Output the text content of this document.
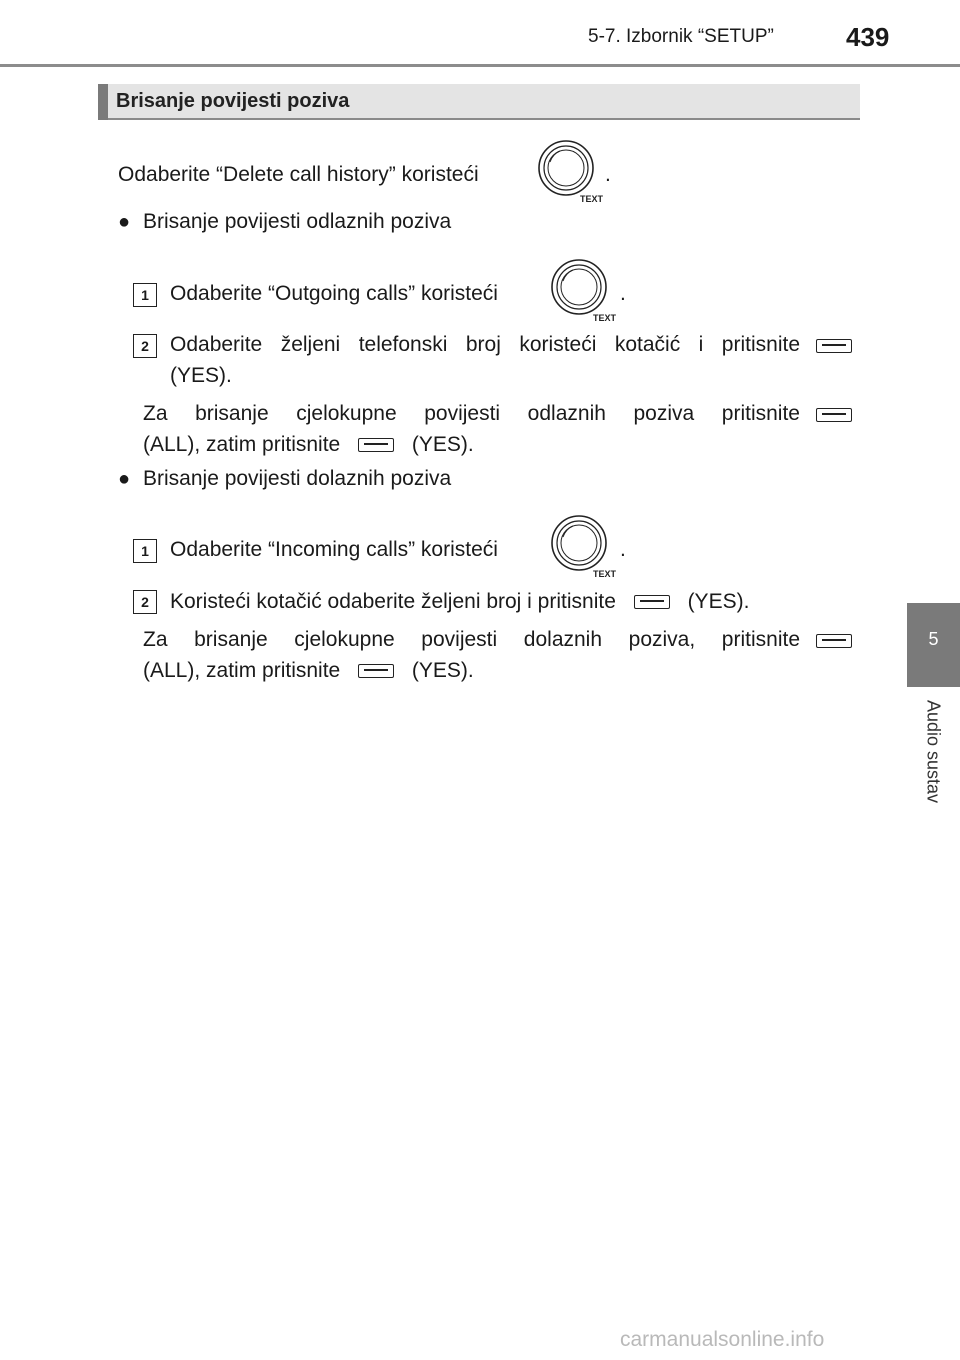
5-7. Izbornik “SETUP”	439
5
Audio sustav
Brisanje povijesti poziva
Odaberite “Delete call history” koristeći
TEXT
.
● Brisanje povijesti odlaznih poziva
1	Odaberite “Outgoing calls” koristeći
TEXT
.
2	Odaberite željeni telefonski broj koristeći kotačić i pritisnite
(YES).
Za brisanje cjelokupne povijesti odlaznih poziva pritisnite
(ALL), zatim pritisnite	(YES).
● Brisanje povijesti dolaznih poziva
1	Odaberite “Incoming calls” koristeći
TEXT
.
2	Koristeći kotačić odaberite željeni broj i pritisnite	(YES).
Za brisanje cjelokupne povijesti dolaznih poziva, pritisnite
(ALL), zatim pritisnite	(YES).
carmanualsonline.info
